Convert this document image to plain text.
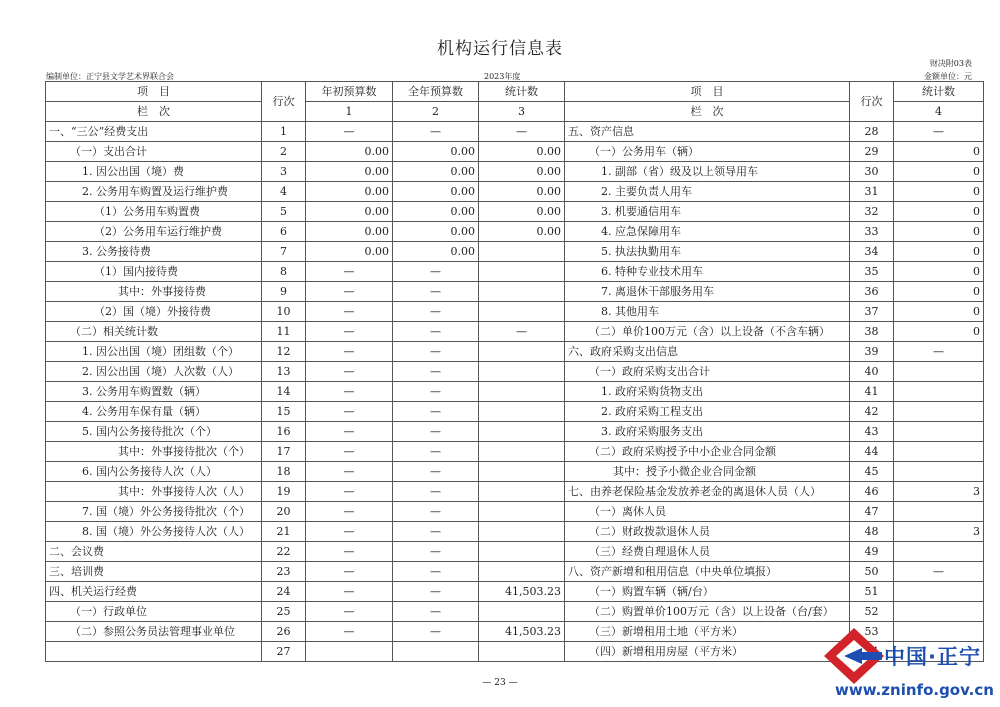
机构运行信息表
财决附03表
编制单位：正宁县文学艺术界联合会	2023年度	金额单位：元
项　目	行次	年初预算数	全年预算数	统计数	项　目	行次	统计数
栏　次		1	2	3	栏　次		4
一、“三公”经费支出	1	—	—	—	五、资产信息	28	—
（一）支出合计	2	0.00	0.00	0.00	（一）公务用车（辆）	29	0
1. 因公出国（境）费	3	0.00	0.00	0.00	1. 副部（省）级及以上领导用车	30	0
2. 公务用车购置及运行维护费	4	0.00	0.00	0.00	2. 主要负责人用车	31	0
（1）公务用车购置费	5	0.00	0.00	0.00	3. 机要通信用车	32	0
（2）公务用车运行维护费	6	0.00	0.00	0.00	4. 应急保障用车	33	0
3. 公务接待费	7	0.00	0.00		5. 执法执勤用车	34	0
（1）国内接待费	8	—	—		6. 特种专业技术用车	35	0
其中：外事接待费	9	—	—		7. 离退休干部服务用车	36	0
（2）国（境）外接待费	10	—	—		8. 其他用车	37	0
（二）相关统计数	11	—	—	—	（二）单价100万元（含）以上设备（不含车辆）	38	0
1. 因公出国（境）团组数（个）	12	—	—		六、政府采购支出信息	39	—
2. 因公出国（境）人次数（人）	13	—	—		（一）政府采购支出合计	40	
3. 公务用车购置数（辆）	14	—	—		1. 政府采购货物支出	41	
4. 公务用车保有量（辆）	15	—	—		2. 政府采购工程支出	42	
5. 国内公务接待批次（个）	16	—	—		3. 政府采购服务支出	43	
其中：外事接待批次（个）	17	—	—		（二）政府采购授予中小企业合同金额	44	
6. 国内公务接待人次（人）	18	—	—		其中：授予小微企业合同金额	45	
其中：外事接待人次（人）	19	—	—		七、由养老保险基金发放养老金的离退休人员（人）	46	3
7. 国（境）外公务接待批次（个）	20	—	—		（一）离休人员	47	
8. 国（境）外公务接待人次（人）	21	—	—		（二）财政拨款退休人员	48	3
二、会议费	22	—	—		（三）经费自理退休人员	49	
三、培训费	23	—	—		八、资产新增和租用信息（中央单位填报）	50	—
四、机关运行经费	24	—	—	41,503.23	（一）购置车辆（辆/台）	51	
（一）行政单位	25	—	—		（二）购置单价100万元（含）以上设备（台/套）	52	
（二）参照公务员法管理事业单位	26	—	—	41,503.23	（三）新增租用土地（平方米）	53	
	27				（四）新增租用房屋（平方米）		
— 23 —
中国·正宁
www.zninfo.gov.cn
